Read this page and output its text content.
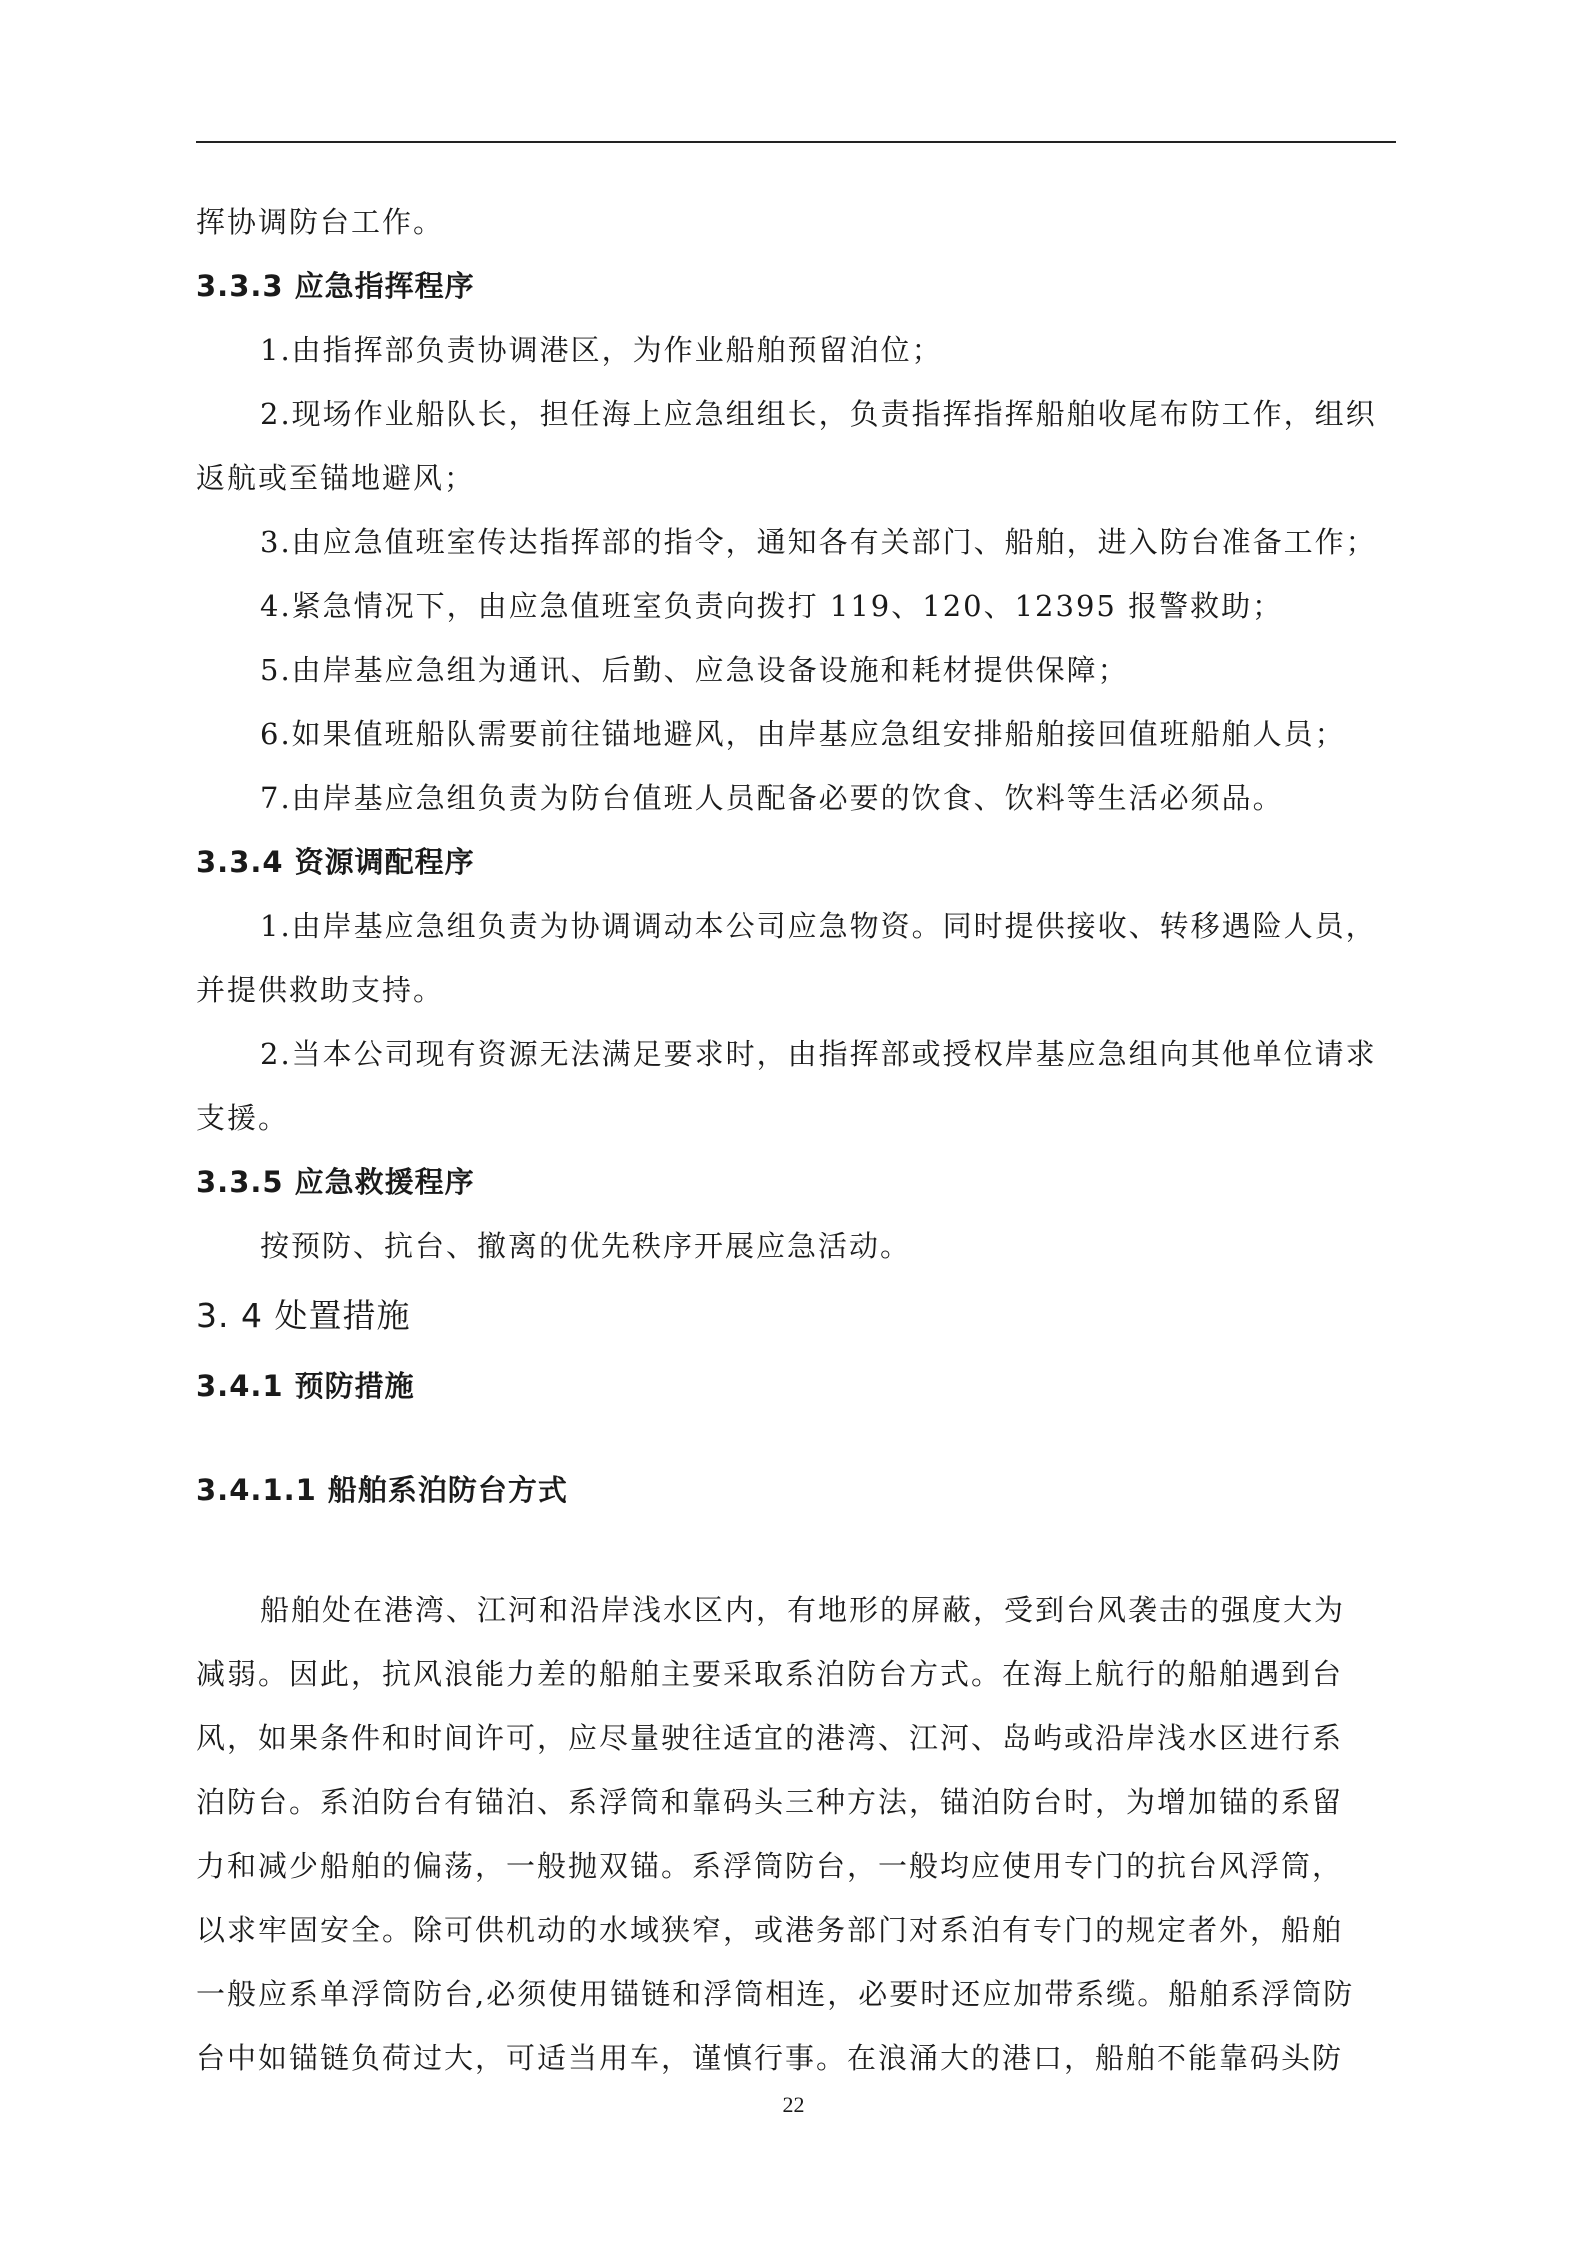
挥协调防台工作。
3.3.3 应急指挥程序
1.由指挥部负责协调港区，为作业船舶预留泊位；
2.现场作业船队长，担任海上应急组组长，负责指挥指挥船舶收尾布防工作，组织
返航或至锚地避风；
3.由应急值班室传达指挥部的指令，通知各有关部门、船舶，进入防台准备工作；
4.紧急情况下，由应急值班室负责向拨打 119、120、12395 报警救助；
5.由岸基应急组为通讯、后勤、应急设备设施和耗材提供保障；
6.如果值班船队需要前往锚地避风，由岸基应急组安排船舶接回值班船舶人员；
7.由岸基应急组负责为防台值班人员配备必要的饮食、饮料等生活必须品。
3.3.4 资源调配程序
1.由岸基应急组负责为协调调动本公司应急物资。同时提供接收、转移遇险人员，
并提供救助支持。
2.当本公司现有资源无法满足要求时，由指挥部或授权岸基应急组向其他单位请求
支援。
3.3.5 应急救援程序
按预防、抗台、撤离的优先秩序开展应急活动。
3. 4 处置措施
3.4.1 预防措施
3.4.1.1 船舶系泊防台方式
船舶处在港湾、江河和沿岸浅水区内，有地形的屏蔽，受到台风袭击的强度大为
减弱。因此，抗风浪能力差的船舶主要采取系泊防台方式。在海上航行的船舶遇到台
风，如果条件和时间许可，应尽量驶往适宜的港湾、江河、岛屿或沿岸浅水区进行系
泊防台。系泊防台有锚泊、系浮筒和靠码头三种方法，锚泊防台时，为增加锚的系留
力和减少船舶的偏荡，一般抛双锚。系浮筒防台，一般均应使用专门的抗台风浮筒，
以求牢固安全。除可供机动的水域狭窄，或港务部门对系泊有专门的规定者外，船舶
一般应系单浮筒防台,必须使用锚链和浮筒相连，必要时还应加带系缆。船舶系浮筒防
台中如锚链负荷过大，可适当用车，谨慎行事。在浪涌大的港口，船舶不能靠码头防
22
